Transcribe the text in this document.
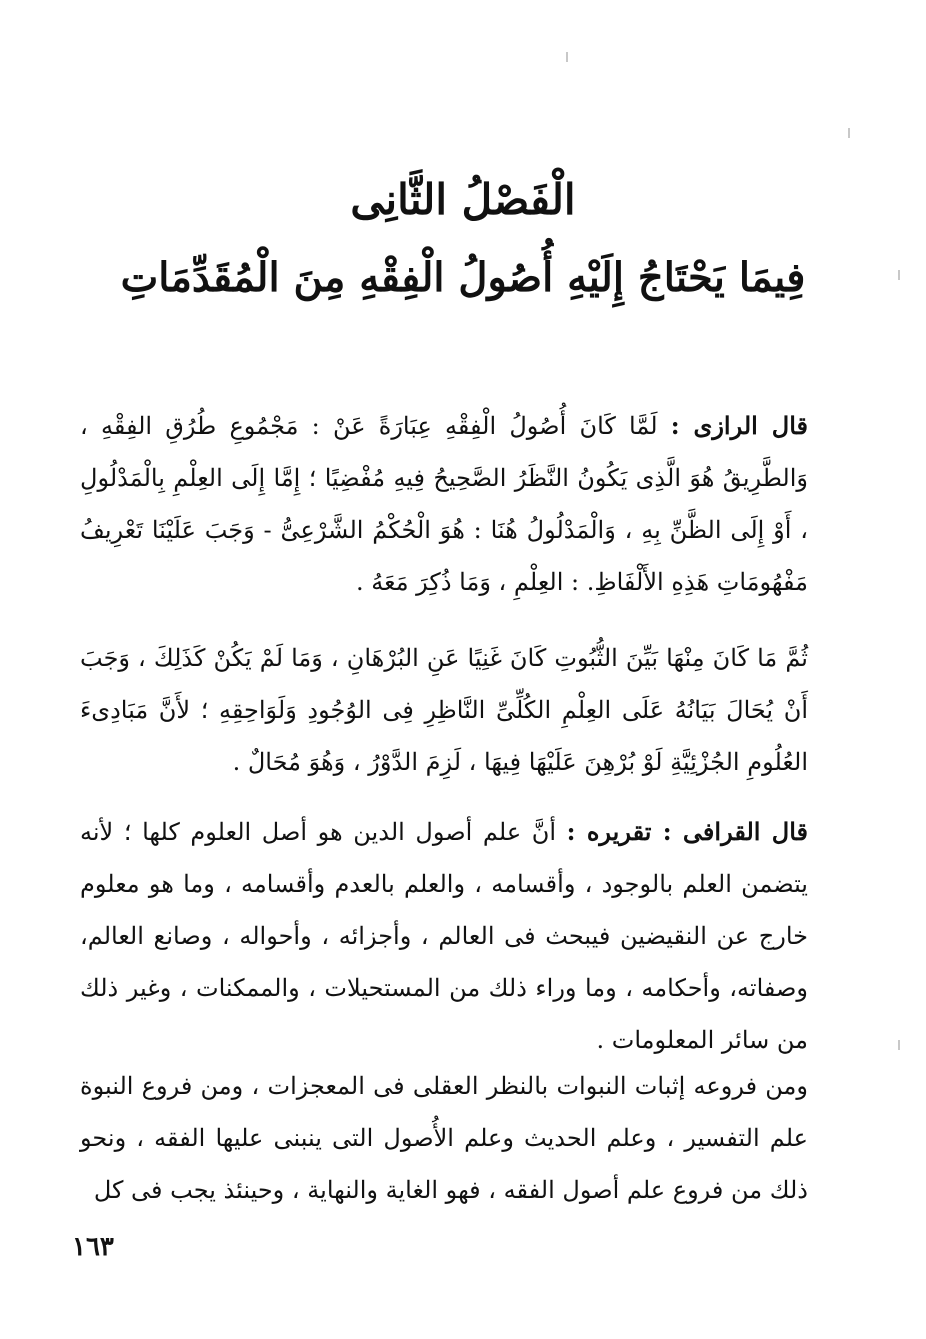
الْفَصْلُ الثَّانِى
فِيمَا يَحْتَاجُ إِلَيْهِ أُصُولُ الْفِقْهِ مِنَ الْمُقَدِّمَاتِ

قال الرازى : لَمَّا كَانَ أُصُولُ الْفِقْهِ عِبَارَةً عَنْ : مَجْمُوعِ طُرُقِ الفِقْهِ ، وَالطَّرِيقُ هُوَ الَّذِى يَكُونُ النَّظَرُ الصَّحِيحُ فِيهِ مُفْضِيًا ؛ إِمَّا إِلَى العِلْمِ بِالْمَدْلُولِ ، أَوْ إِلَى الظَّنِّ بِهِ ، وَالْمَدْلُولُ هُنَا : هُوَ الْحُكْمُ الشَّرْعِىُّ - وَجَبَ عَلَيْنَا تَعْرِيفُ مَفْهُومَاتِ هَذِهِ الأَلْفَاظِ. : العِلْمِ ، وَمَا ذُكِرَ مَعَهُ .

ثُمَّ مَا كَانَ مِنْهَا بَيِّنَ الثُّبُوتِ كَانَ غَنِيًا عَنِ البُرْهَانِ ، وَمَا لَمْ يَكُنْ كَذَلِكَ ، وَجَبَ أَنْ يُحَالَ بَيَانُهُ عَلَى العِلْمِ الكُلِّىِّ النَّاظِرِ فِى الوُجُودِ وَلَوَاحِقِهِ ؛ لأَنَّ مَبَادِىءَ العُلُومِ الجُزْئِيَّةِ لَوْ بُرْهِنَ عَلَيْهَا فِيهَا ، لَزِمَ الدَّوْرُ ، وَهُوَ مُحَالٌ .

قال القرافى : تقريره : أنَّ علم أصول الدين هو أصل العلوم كلها ؛ لأنه يتضمن العلم بالوجود ، وأقسامه ، والعلم بالعدم وأقسامه ، وما هو معلوم خارج عن النقيضين فيبحث فى العالم ، وأجزائه ، وأحواله ، وصانع العالم، وصفاته، وأحكامه ، وما وراء ذلك من المستحيلات ، والممكنات ، وغير ذلك من سائر المعلومات .

ومن فروعه إثبات النبوات بالنظر العقلى فى المعجزات ، ومن فروع النبوة علم التفسير ، وعلم الحديث وعلم الأُصول التى ينبنى عليها الفقه ، ونحو ذلك من فروع علم أصول الفقه ، فهو الغاية والنهاية ، وحينئذ يجب فى كل

١٦٣
